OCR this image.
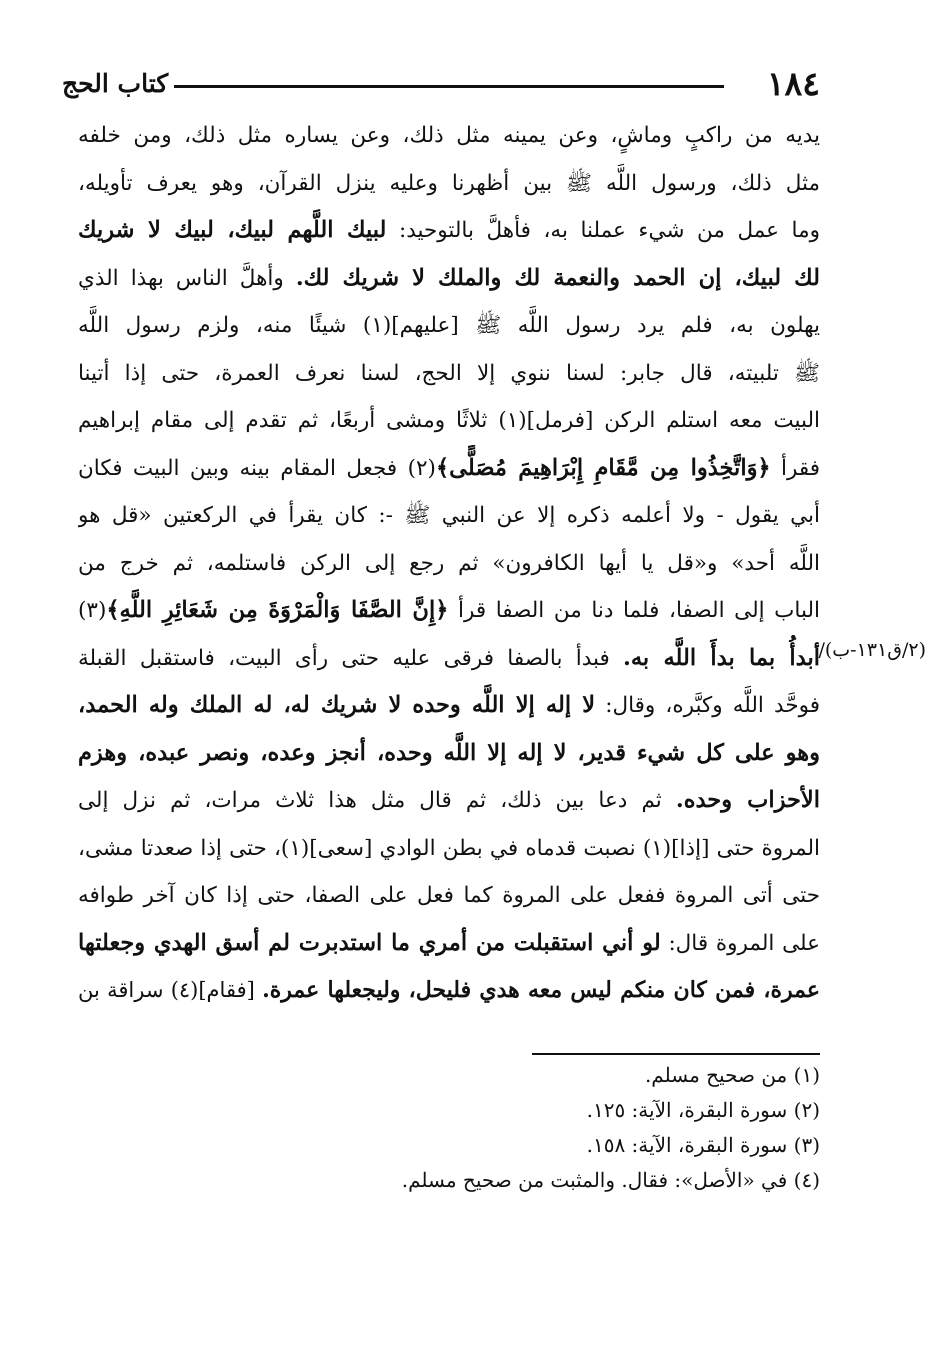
١٨٤
كتاب الحج
(٢/ق١٣١-ب)/
يديه من راكبٍ وماشٍ، وعن يمينه مثل ذلك، وعن يساره مثل ذلك، ومن خلفه
مثل ذلك، ورسول اللَّه ﷺ بين أظهرنا وعليه ينزل القرآن، وهو يعرف تأويله،
وما عمل من شيء عملنا به، فأهلَّ بالتوحيد: لبيك اللَّهم لبيك، لبيك لا شريك
لك لبيك، إن الحمد والنعمة لك والملك لا شريك لك. وأهلَّ الناس بهذا الذي
يهلون به، فلم يرد رسول اللَّه ﷺ [عليهم](١) شيئًا منه، ولزم رسول اللَّه
ﷺ تلبيته، قال جابر: لسنا ننوي إلا الحج، لسنا نعرف العمرة، حتى إذا أتينا
البيت معه استلم الركن [فرمل](١) ثلاثًا ومشى أربعًا، ثم تقدم إلى مقام إبراهيم
فقرأ ﴿وَاتَّخِذُوا مِن مَّقَامِ إِبْرَاهِيمَ مُصَلًّى﴾(٢) فجعل المقام بينه وبين البيت فكان
أبي يقول - ولا أعلمه ذكره إلا عن النبي ﷺ -: كان يقرأ في الركعتين «قل هو
اللَّه أحد» و«قل يا أيها الكافرون» ثم رجع إلى الركن فاستلمه، ثم خرج من
الباب إلى الصفا، فلما دنا من الصفا قرأ ﴿إِنَّ الصَّفَا وَالْمَرْوَةَ مِن شَعَائِرِ اللَّهِ﴾(٣)
أبدأُ بما بدأَ اللَّه به. فبدأ بالصفا فرقى عليه حتى رأى البيت، فاستقبل القبلة
فوحَّد اللَّه وكبَّره، وقال: لا إله إلا اللَّه وحده لا شريك له، له الملك وله الحمد،
وهو على كل شيء قدير، لا إله إلا اللَّه وحده، أنجز وعده، ونصر عبده، وهزم
الأحزاب وحده. ثم دعا بين ذلك، ثم قال مثل هذا ثلاث مرات، ثم نزل إلى
المروة حتى [إذا](١) نصبت قدماه في بطن الوادي [سعى](١)، حتى إذا صعدتا مشى،
حتى أتى المروة ففعل على المروة كما فعل على الصفا، حتى إذا كان آخر طوافه
على المروة قال: لو أني استقبلت من أمري ما استدبرت لم أسق الهدي وجعلتها
عمرة، فمن كان منكم ليس معه هدي فليحل، وليجعلها عمرة. [فقام](٤) سراقة بن
(١) من صحيح مسلم.
(٢) سورة البقرة، الآية: ١٢٥.
(٣) سورة البقرة، الآية: ١٥٨.
(٤) في «الأصل»: فقال. والمثبت من صحيح مسلم.
